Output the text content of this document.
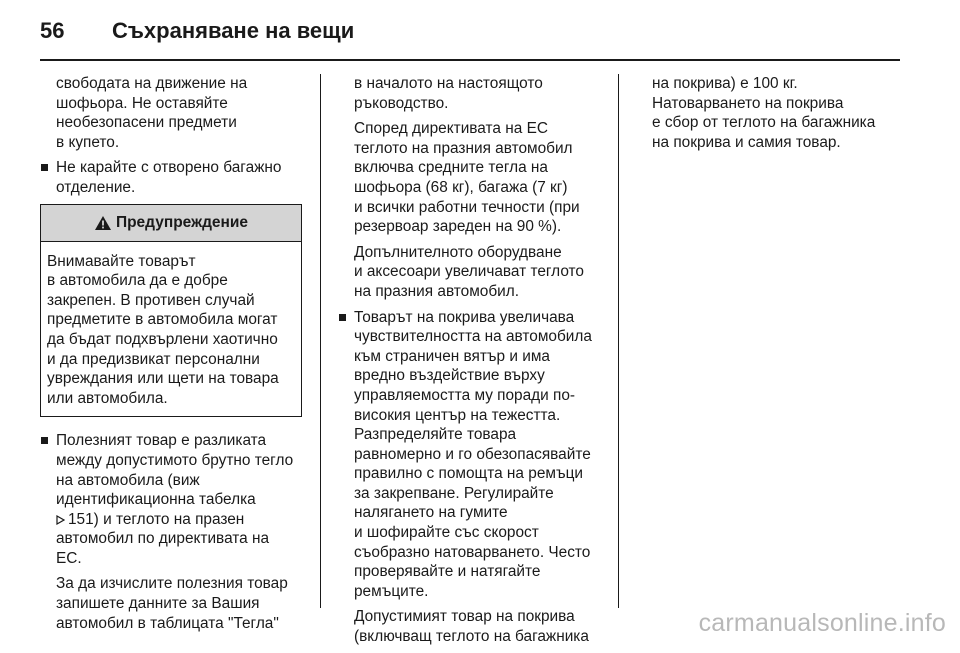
56	Съхраняване на вещи

свободата на движение на
шофьора. Не оставяйте
необезопасени предмети
в купето.

Не карайте с отворено багажно
отделение.
Предупреждение
Внимавайте товарът
в автомобила да е добре
закрепен. В противен случай
предметите в автомобила могат
да бъдат подхвърлени хаотично
и да предизвикат персонални
увреждания или щети на товара
или автомобила.
Полезният товар е разликата
между допустимото брутно тегло
на автомобила (виж
идентификационна табелка
151) и теглото на празен
автомобил по директивата на
ЕС.

За да изчислите полезния товар
запишете данните за Вашия
автомобил в таблицата "Тегла"

в началото на настоящото
ръководство.

Според директивата на ЕС
теглото на празния автомобил
включва средните тегла на
шофьора (68 кг), багажа (7 кг)
и всички работни течности (при
резервоар зареден на 90 %).

Допълнителното оборудване
и аксесоари увеличават теглото
на празния автомобил.

Товарът на покрива увеличава
чувствителността на автомобила
към страничен вятър и има
вредно въздействие върху
управляемостта му поради по-
високия център на тежестта.
Разпределяйте товара
равномерно и го обезопасявайте
правилно с помощта на ремъци
за закрепване. Регулирайте
налягането на гумите
и шофирайте със скорост
съобразно натоварването. Често
проверявайте и натягайте
ремъците.

Допустимият товар на покрива
(включващ теглото на багажника

на покрива) е 100 кг.

Натоварването на покрива
е сбор от теглото на багажника
на покрива и самия товар.

carmanualsonline.info
